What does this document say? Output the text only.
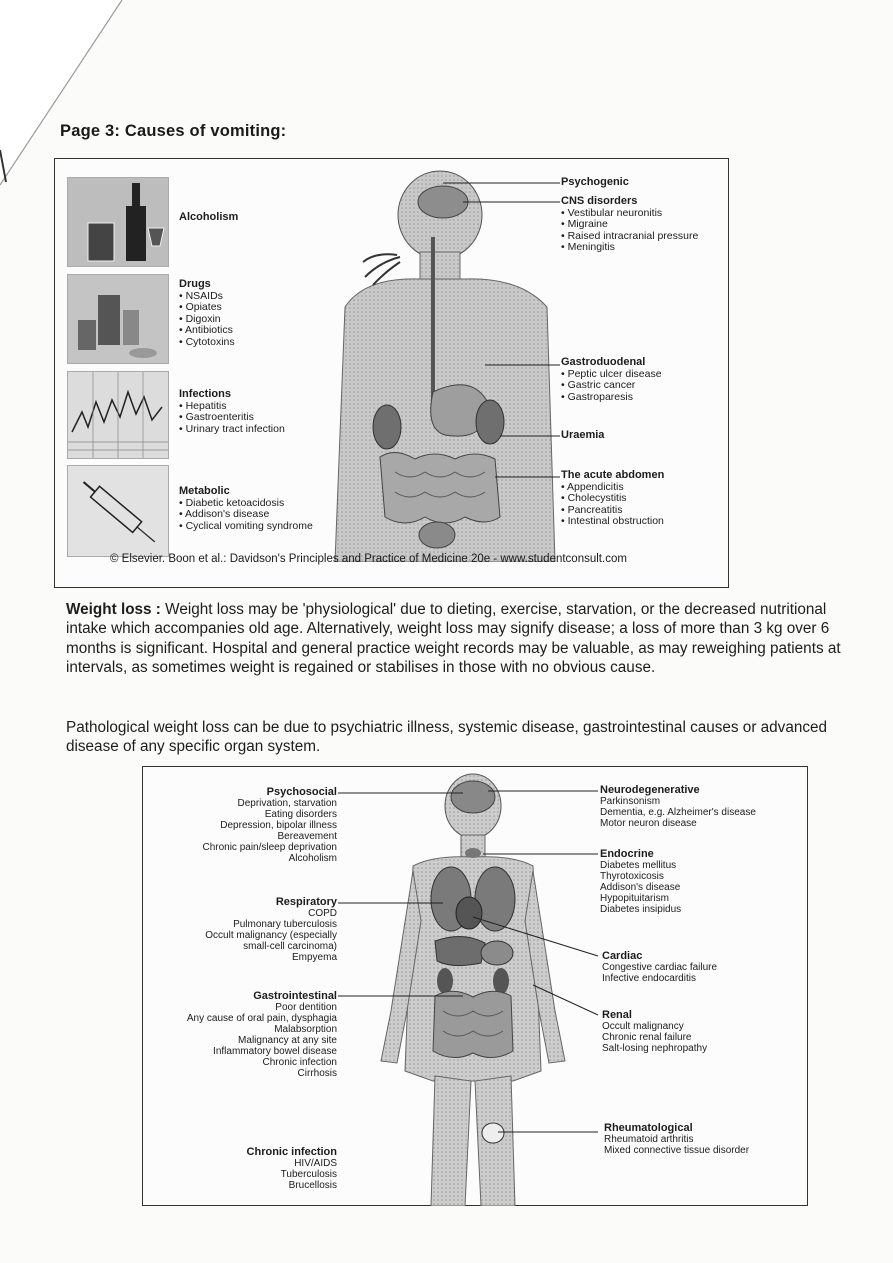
Page 3: Causes of vomiting:
Alcoholism
Drugs
• NSAIDs
• Opiates
• Digoxin
• Antibiotics
• Cytotoxins
Infections
• Hepatitis
• Gastroenteritis
• Urinary tract infection
Metabolic
• Diabetic ketoacidosis
• Addison's disease
• Cyclical vomiting syndrome
Psychogenic
CNS disorders
• Vestibular neuronitis
• Migraine
• Raised intracranial pressure
• Meningitis
Gastroduodenal
• Peptic ulcer disease
• Gastric cancer
• Gastroparesis
Uraemia
The acute abdomen
• Appendicitis
• Cholecystitis
• Pancreatitis
• Intestinal obstruction
© Elsevier. Boon et al.: Davidson's Principles and Practice of Medicine 20e - www.studentconsult.com
Weight loss : Weight loss may be 'physiological' due to dieting, exercise, starvation, or the decreased nutritional intake which accompanies old age. Alternatively, weight loss may signify disease; a loss of more than 3 kg over 6 months is significant. Hospital and general practice weight records may be valuable, as may reweighing patients at intervals, as sometimes weight is regained or stabilises in those with no obvious cause.
Pathological weight loss can be due to psychiatric illness, systemic disease, gastrointestinal causes or advanced disease of any specific organ system.
Psychosocial
Deprivation, starvation
Eating disorders
Depression, bipolar illness
Bereavement
Chronic pain/sleep deprivation
Alcoholism
Respiratory
COPD
Pulmonary tuberculosis
Occult malignancy (especially
small-cell carcinoma)
Empyema
Gastrointestinal
Poor dentition
Any cause of oral pain, dysphagia
Malabsorption
Malignancy at any site
Inflammatory bowel disease
Chronic infection
Cirrhosis
Chronic infection
HIV/AIDS
Tuberculosis
Brucellosis
Neurodegenerative
Parkinsonism
Dementia, e.g. Alzheimer's disease
Motor neuron disease
Endocrine
Diabetes mellitus
Thyrotoxicosis
Addison's disease
Hypopituitarism
Diabetes insipidus
Cardiac
Congestive cardiac failure
Infective endocarditis
Renal
Occult malignancy
Chronic renal failure
Salt-losing nephropathy
Rheumatological
Rheumatoid arthritis
Mixed connective tissue disorder
